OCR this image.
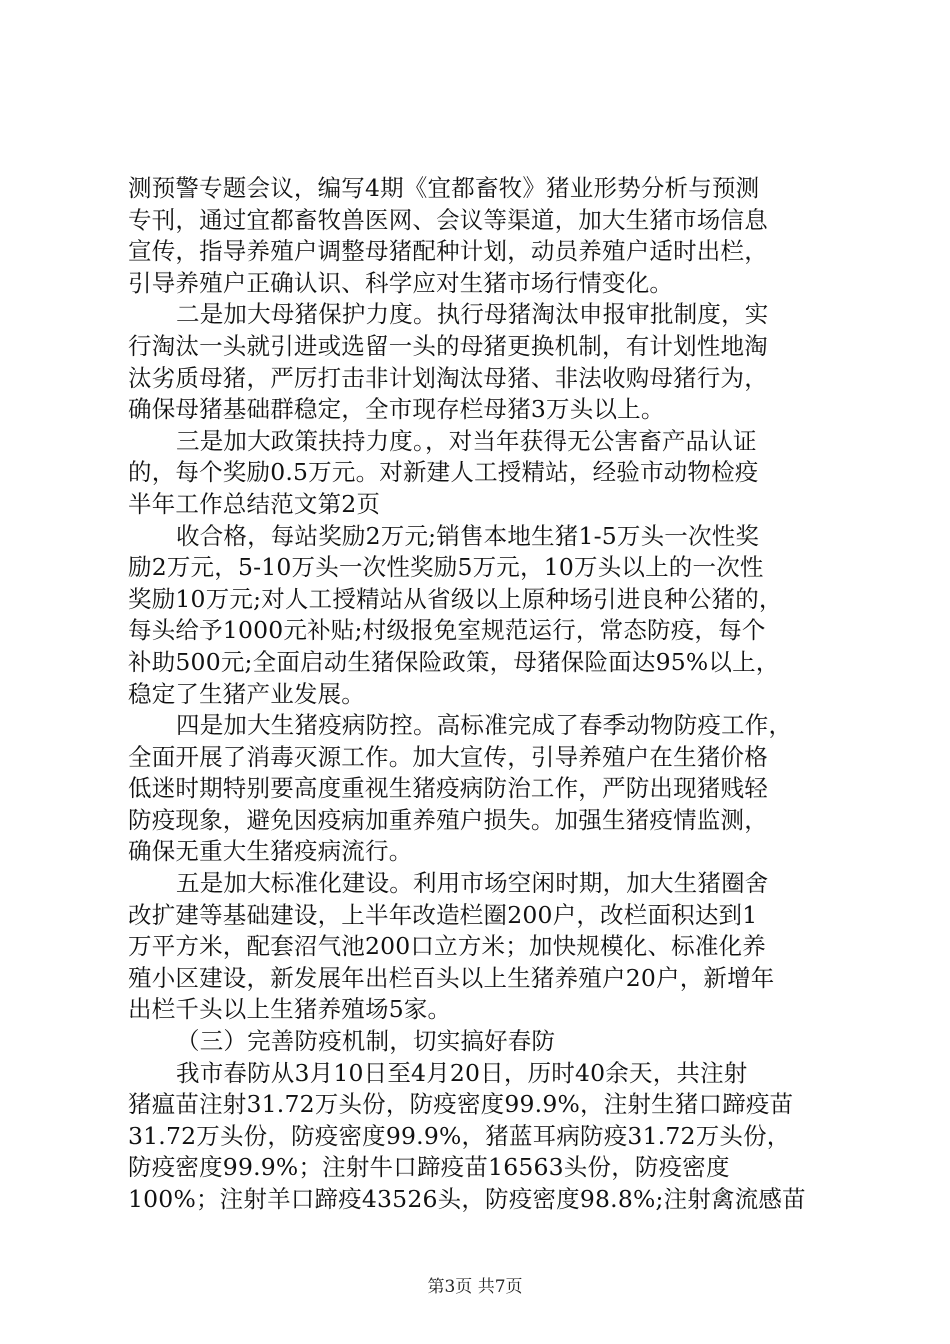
测预警专题会议，编写4期《宜都畜牧》猪业形势分析与预测
专刊，通过宜都畜牧兽医网、会议等渠道，加大生猪市场信息
宣传，指导养殖户调整母猪配种计划，动员养殖户适时出栏，
引导养殖户正确认识、科学应对生猪市场行情变化。
二是加大母猪保护力度。执行母猪淘汰申报审批制度，实
行淘汰一头就引进或选留一头的母猪更换机制，有计划性地淘
汰劣质母猪，严厉打击非计划淘汰母猪、非法收购母猪行为，
确保母猪基础群稳定，全市现存栏母猪3万头以上。
三是加大政策扶持力度。，对当年获得无公害畜产品认证
的，每个奖励0.5万元。对新建人工授精站，经验市动物检疫
半年工作总结范文第2页
收合格，每站奖励2万元;销售本地生猪1-5万头一次性奖
励2万元，5-10万头一次性奖励5万元，10万头以上的一次性
奖励10万元;对人工授精站从省级以上原种场引进良种公猪的，
每头给予1000元补贴;村级报免室规范运行，常态防疫，每个
补助500元;全面启动生猪保险政策，母猪保险面达95%以上，
稳定了生猪产业发展。
四是加大生猪疫病防控。高标准完成了春季动物防疫工作，
全面开展了消毒灭源工作。加大宣传，引导养殖户在生猪价格
低迷时期特别要高度重视生猪疫病防治工作，严防出现猪贱轻
防疫现象，避免因疫病加重养殖户损失。加强生猪疫情监测，
确保无重大生猪疫病流行。
五是加大标准化建设。利用市场空闲时期，加大生猪圈舍
改扩建等基础建设，上半年改造栏圈200户，改栏面积达到1
万平方米，配套沼气池200口立方米；加快规模化、标准化养
殖小区建设，新发展年出栏百头以上生猪养殖户20户，新增年
出栏千头以上生猪养殖场5家。
（三）完善防疫机制，切实搞好春防
我市春防从3月10日至4月20日，历时40余天，共注射
猪瘟苗注射31.72万头份，防疫密度99.9%，注射生猪口蹄疫苗
31.72万头份，防疫密度99.9%，猪蓝耳病防疫31.72万头份，
防疫密度99.9%；注射牛口蹄疫苗16563头份，防疫密度
100%；注射羊口蹄疫43526头，防疫密度98.8%;注射禽流感苗
第3页 共7页
